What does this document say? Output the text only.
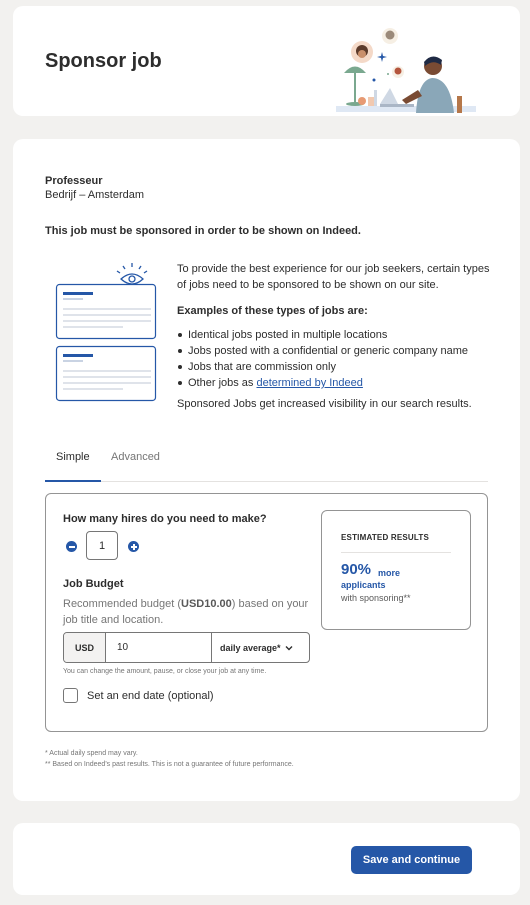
Sponsor job
Professeur
Bedrijf – Amsterdam
This job must be sponsored in order to be shown on Indeed.
To provide the best experience for our job seekers, certain types of jobs need to be sponsored to be shown on our site.
Examples of these types of jobs are:
Identical jobs posted in multiple locations
Jobs posted with a confidential or generic company name
Jobs that are commission only
Other jobs as determined by Indeed
Sponsored Jobs get increased visibility in our search results.
Simple	Advanced
How many hires do you need to make?
1
Job Budget
Recommended budget (USD10.00) based on your job title and location.
USD
10	daily average*
You can change the amount, pause, or close your job at any time.
Set an end date (optional)
ESTIMATED RESULTS
90% more
applicants
with sponsoring**
* Actual daily spend may vary.
** Based on Indeed's past results. This is not a guarantee of future performance.
Save and continue
